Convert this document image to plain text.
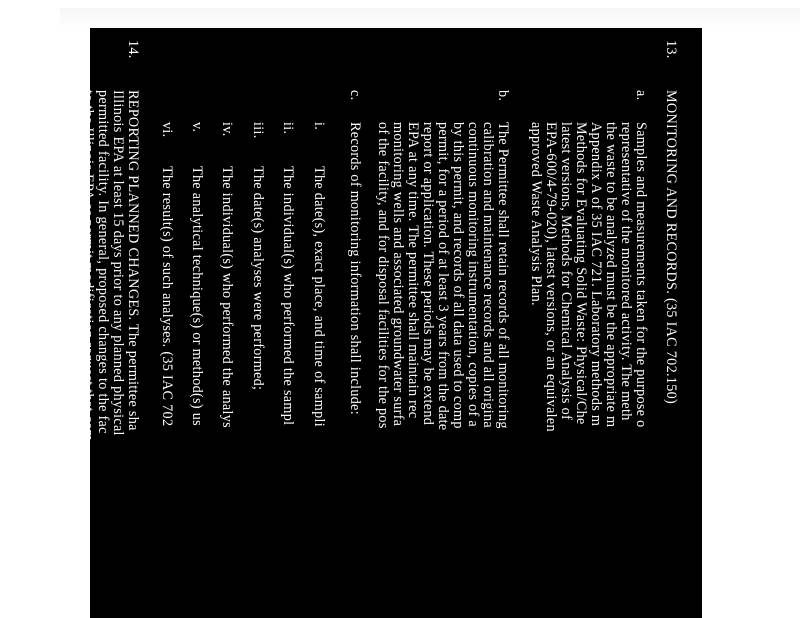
13.
MONITORING AND RECORDS. (35 IAC 702.150)
a.
Samples and measurements taken for the purpose o
representative of the monitored activity. The meth
the waste to be analyzed must be the appropriate m
Appendix A of 35 IAC 721. Laboratory methods m
Methods for Evaluating Solid Waste: Physical/Che
latest versions, Methods for Chemical Analysis of
EPA-600/4-79-020), latest versions, or an equivalen
approved Waste Analysis Plan.
b.
The Permittee shall retain records of all monitoring
calibration and maintenance records and all origina
continuous monitoring instrumentation, copies of a
by this permit, and records of all data used to comp
permit, for a period of at least 3 years from the date
report or application. These periods may be extend
EPA at any time. The permittee shall maintain rec
monitoring wells and associated groundwater surfa
of the facility, and for disposal facilities for the pos
c.
Records of monitoring information shall include:
i.
The date(s), exact place, and time of sampli
ii.
The individual(s) who performed the sampl
iii.
The date(s) analyses were performed;
iv.
The individual(s) who performed the analys
v.
The analytical technique(s) or method(s) us
vi.
The result(s) of such analyses. (35 IAC 702
14.
REPORTING PLANNED CHANGES. The permittee sha
Illinois EPA at least 15 days prior to any planned physical
permitted facility. In general, proposed changes to the fac
to the Illinois EPA as permit modification request that com
35 IAC 703.280. (35 IACs 702.152(a))
15.
CONSTRUCTION CERTIFICATION. For a new hazardo
the permittee shall not commence treatment, storage or dis
for a facility being modified the permittee shall not treat, s
